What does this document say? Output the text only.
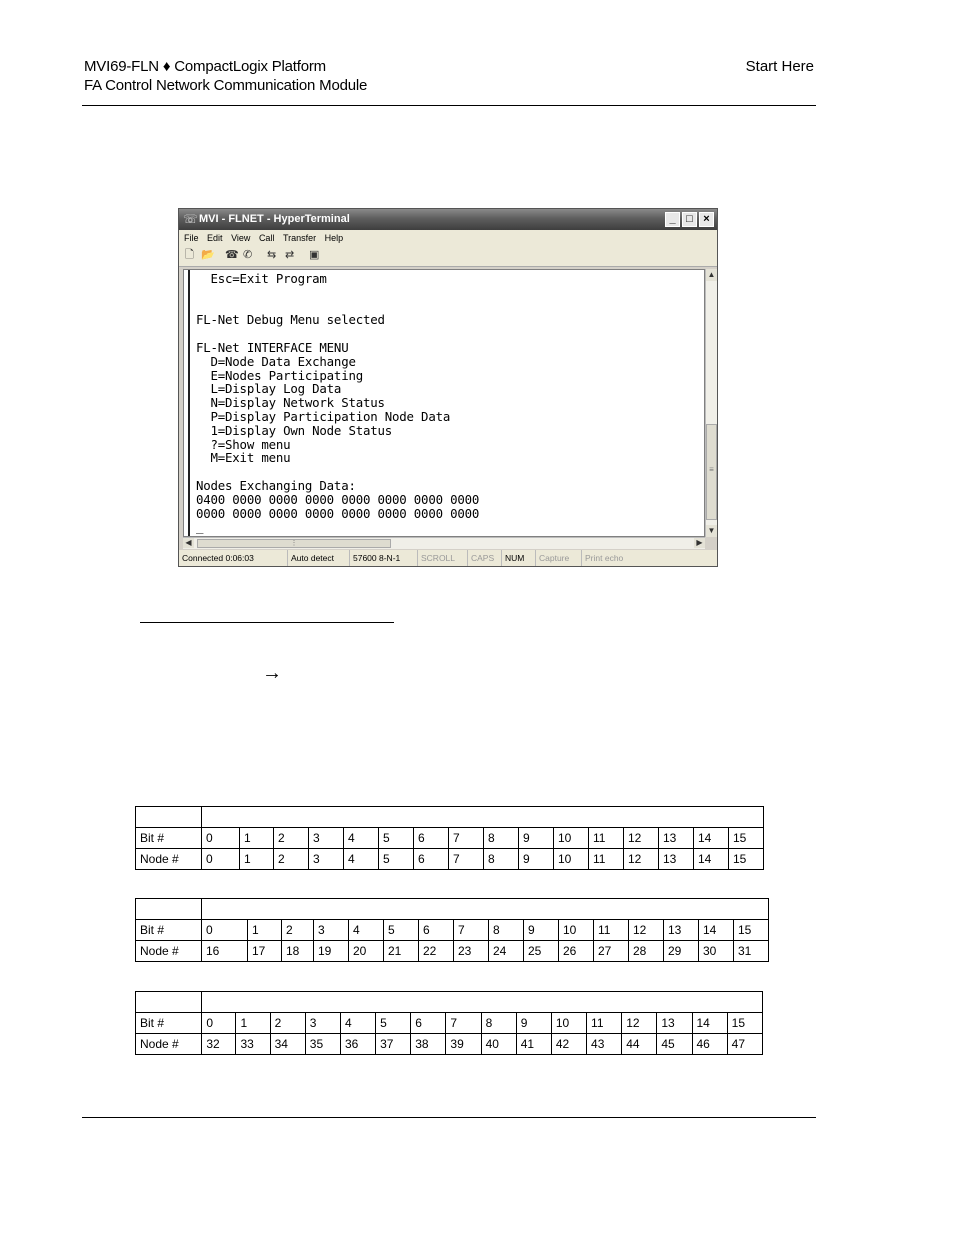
MVI69-FLN ♦ CompactLogix Platform
FA Control Network Communication Module
Start Here
☏ MVI - FLNET - HyperTerminal	_ □ ×
File Edit View Call Transfer Help
🗋 📂 ☎ ✆ ⇆ ⇄ ▣
Esc=Exit Program
FL-Net Debug Menu selected
FL-Net INTERFACE MENU
D=Node Data Exchange
E=Nodes Participating
L=Display Log Data
N=Display Network Status
P=Display Participation Node Data
1=Display Own Node Status
?=Show menu
M=Exit menu
Nodes Exchanging Data:
0400 0000 0000 0000 0000 0000 0000 0000
0000 0000 0000 0000 0000 0000 0000 0000
_
▲
≡
▼
◀	⋮	▶
Connected 0:06:03	Auto detect	57600 8-N-1	SCROLL	CAPS	NUM	Capture	Print echo
→

Bit #	0	1	2	3	4	5	6	7	8	9	10	11	12	13	14	15
Node #	0	1	2	3	4	5	6	7	8	9	10	11	12	13	14	15

Bit #	0	1	2	3	4	5	6	7	8	9	10	11	12	13	14	15
Node #	16	17	18	19	20	21	22	23	24	25	26	27	28	29	30	31

Bit #	0	1	2	3	4	5	6	7	8	9	10	11	12	13	14	15
Node #	32	33	34	35	36	37	38	39	40	41	42	43	44	45	46	47
